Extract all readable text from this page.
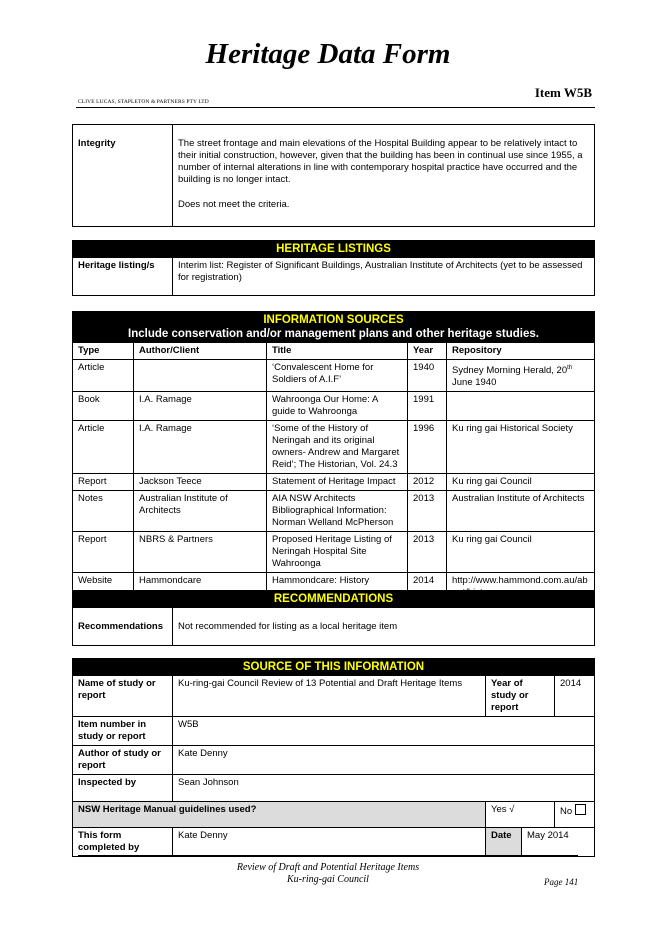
Heritage Data Form
Item W5B
CLIVE LUCAS, STAPLETON & PARTNERS PTY LTD
Integrity	The street frontage and main elevations of the Hospital Building appear to be relatively intact to their initial construction, however, given that the building has been in continual use since 1955, a number of internal alterations in line with contemporary hospital practice have occurred and the building is no longer intact.
Does not meet the criteria.
HERITAGE LISTINGS
Heritage listing/s	Interim list: Register of Significant Buildings, Australian Institute of Architects (yet to be assessed for registration)
INFORMATION SOURCES
Include conservation and/or management plans and other heritage studies.				

Type	Author/Client	Title	Year	Repository
Article		‘Convalescent Home for Soldiers of A.I.F’	1940	Sydney Morning Herald, 20th June 1940
Book	I.A. Ramage	Wahroonga Our Home: A guide to Wahroonga	1991	
Article	I.A. Ramage	‘Some of the History of Neringah and its original owners- Andrew and Margaret Reid’; The Historian, Vol. 24.3	1996	Ku ring gai Historical Society
Report	Jackson Teece	Statement of Heritage Impact	2012	Ku ring gai Council
Notes	Australian Institute of Architects	AIA NSW Architects Bibliographical Information: Norman Welland McPherson	2013	Australian Institute of Architects
Report	NBRS & Partners	Proposed Heritage Listing of Neringah Hospital Site Wahroonga	2013	Ku ring gai Council
Website	Hammondcare	Hammondcare: History	2014	http://www.hammond.com.au/ab
RECOMMENDATIONS
Recommendations	Not recommended for listing as a local heritage item
SOURCE OF THIS INFORMATION				
Name of study or report	Ku-ring-gai Council Review of 13 Potential and Draft Heritage Items	Year of study or report		2014
Item number in study or report	W5B			
Author of study or report	Kate Denny			
Inspected by	Sean Johnson			
NSW Heritage Manual guidelines used?		Yes √		No
This form completed by	Kate Denny	Date	May 2014	
Review of Draft and Potential Heritage Items
Ku-ring-gai Council	Page 141
